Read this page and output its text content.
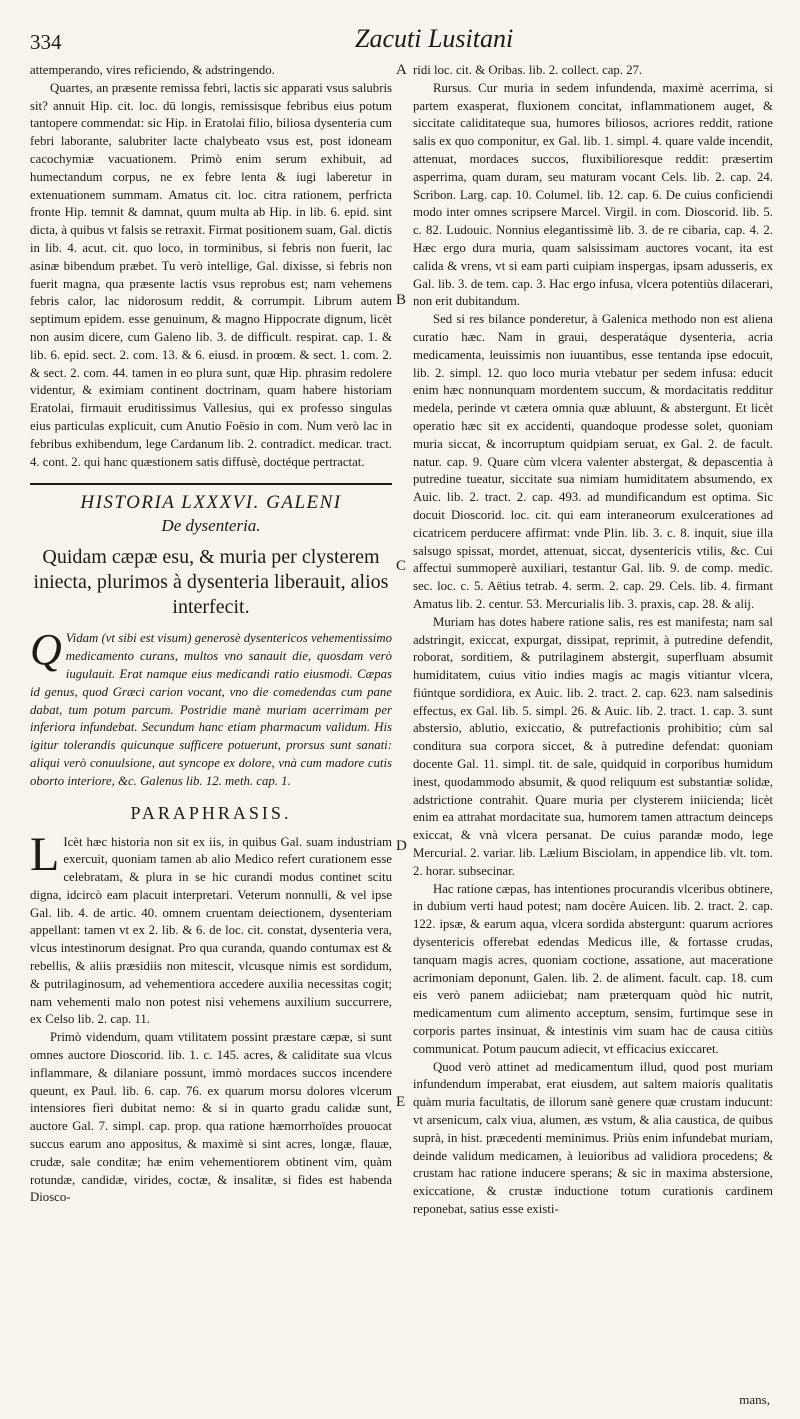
334	Zacuti Lusitani

attemperando, vires reficiendo, & adstringendo.

Quartes, an præsente remissa febri, lactis sic apparati vsus salubris sit? annuit Hip. cit. loc. dū longis, remissisque febribus eius potum tantopere commendat: sic Hip. in Eratolai filio, biliosa dysenteria cum febri laborante, salubriter lacte chalybeato vsus est, post idoneam cacochymiæ vacuationem. Primò enim serum exhibuit, ad humectandum corpus, ne ex febre lenta & iugi laberetur in extenuationem summam. Amatus cit. loc. citra rationem, perfricta fronte Hip. temnit & damnat, quum multa ab Hip. in lib. 6. epid. sint dicta, à quibus vt falsis se retraxit. Firmat positionem suam, Gal. dictis in lib. 4. acut. cit. quo loco, in torminibus, si febris non fuerit, lac asinæ bibendum præbet. Tu verò intellige, Gal. dixisse, si febris non fuerit magna, qua præsente lactis vsus reprobus est; nam vehemens febris calor, lac nidorosum reddit, & corrumpit. Librum autem septimum epidem. esse genuinum, & magno Hippocrate dignum, licèt non ausim dicere, cum Galeno lib. 3. de difficult. respirat. cap. 1. & lib. 6. epid. sect. 2. com. 13. & 6. eiusd. in proœm. & sect. 1. com. 2. & sect. 2. com. 44. tamen in eo plura sunt, quæ Hip. phrasim redolere videntur, & eximiam continent doctrinam, quam habere historiam Eratolai, firmauit eruditissimus Vallesius, qui ex professo singulas eius particulas explicuit, cum Anutio Foësio in com. Num verò lac in febribus exhibendum, lege Cardanum lib. 2. contradict. medicar. tract. 4. cont. 2. qui hanc quæstionem satis diffusè, doctéque pertractat.

HISTORIA LXXXVI. GALENI
De dysenteria.
Quidam cæpæ esu, & muria per clysterem iniecta, plurimos à dysenteria liberauit, alios interfecit.

Q Vidam (vt sibi est visum) generosè dysentericos vehementissimo medicamento curans, multos vno sanauit die, quosdam verò iugulauit. Erat namque eius medicandi ratio eiusmodi. Cæpas id genus, quod Græci carion vocant, vno die comedendas cum pane dabat, tum potum parcum. Postridie manè muriam acerrimam per inferiora infundebat. Secundum hanc etiam pharmacum validum. His igitur tolerandis quicunque sufficere potuerunt, prorsus sunt sanati: aliqui verò conuulsione, aut syncope ex dolore, vnà cum madore cutis oborto interiore, &c. Galenus lib. 12. meth. cap. 1.

PARAPHRASIS.

L Icèt hæc historia non sit ex iis, in quibus Gal. suam industriam exercuit, quoniam tamen ab alio Medico refert curationem esse celebratam, & plura in se hic curandi modus continet scitu digna, idcircò eam placuit interpretari. Veterum nonnulli, & vel ipse Gal. lib. 4. de artic. 40. omnem cruentam deiectionem, dysenteriam appellant: tamen vt ex 2. lib. & 6. de loc. cit. constat, dysenteria vera, vlcus intestinorum designat. Pro qua curanda, quando contumax est & rebellis, & aliis præsidiis non mitescit, vlcusque nimis est sordidum, & putrilaginosum, ad vehementiora accedere auxilia necessitas cogit; nam vehementi malo non potest nisi vehemens auxilium succurrere, ex Celso lib. 2. cap. 11.

Primò videndum, quam vtilitatem possint præstare cæpæ, si sunt omnes auctore Dioscorid. lib. 1. c. 145. acres, & caliditate sua vlcus inflammare, & dilaniare possunt, immò mordaces succos incendere queunt, ex Paul. lib. 6. cap. 76. ex quarum morsu dolores vlcerum intensiores fieri dubitat nemo: & si in quarto gradu calidæ sunt, auctore Gal. 7. simpl. cap. prop. qua ratione hæmorrhoïdes prouocat succus earum ano appositus, & maximè si sint acres, longæ, flauæ, crudæ, sale conditæ; hæ enim vehementiorem obtinent vim, quàm rotundæ, candidæ, virides, coctæ, & insalitæ, si fides est habenda Diosco-

A
B
C
D
E

ridi loc. cit. & Oribas. lib. 2. collect. cap. 27.

Rursus. Cur muria in sedem infundenda, maximè acerrima, si partem exasperat, fluxionem concitat, inflammationem auget, & siccitate caliditateque sua, humores biliosos, acriores reddit, ratione salis ex quo componitur, ex Gal. lib. 1. simpl. 4. quare valde incendit, attenuat, mordaces succos, fluxibilioresque reddit: præsertim asperrima, quam duram, seu maturam vocant Cels. lib. 2. cap. 24. Scribon. Larg. cap. 10. Columel. lib. 12. cap. 6. De cuius conficiendi modo inter omnes scripsere Marcel. Virgil. in com. Dioscorid. lib. 5. c. 82. Ludouic. Nonnius elegantissimè lib. 3. de re cibaria, cap. 4. 2. Hæc ergo dura muria, quam salsissimam auctores vocant, ita est calida & vrens, vt si eam parti cuipiam inspergas, ipsam adusseris, ex Gal. lib. 3. de tem. cap. 3. Hac ergo infusa, vlcera potentiùs dilacerari, non erit dubitandum.

Sed si res bilance ponderetur, à Galenica methodo non est aliena curatio hæc. Nam in graui, desperatáque dysenteria, acria medicamenta, leuissimis non iuuantibus, esse tentanda ipse edocuit, lib. 2. simpl. 12. quo loco muria vtebatur per sedem infusa: educit enim hæc nonnunquam mordentem succum, & mordacitatis redditur medela, perinde vt cætera omnia quæ abluunt, & abstergunt. Et licèt operatio hæc sit ex accidenti, quandoque prodesse solet, quoniam muria siccat, & incorruptum quidpiam seruat, ex Gal. 2. de facult. natur. cap. 9. Quare cùm vlcera valenter abstergat, & depascentia à putredine tueatur, siccitate sua nimiam humiditatem absumendo, ex Auic. lib. 2. tract. 2. cap. 493. ad mundificandum est optima. Sic docuit Dioscorid. loc. cit. qui eam interaneorum exulcerationes ad cicatricem perducere affirmat: vnde Plin. lib. 3. c. 8. inquit, siue illa salsugo spissat, mordet, attenuat, siccat, dysentericis vtilis, &c. Cui affectui summoperè auxiliari, testantur Gal. lib. 9. de comp. medic. sec. loc. c. 5. Aëtius tetrab. 4. serm. 2. cap. 29. Cels. lib. 4. firmant Amatus lib. 2. centur. 53. Mercurialis lib. 3. praxis, cap. 28. & alij.

Muriam has dotes habere ratione salis, res est manifesta; nam sal adstringit, exiccat, expurgat, dissipat, reprimit, à putredine defendit, roborat, sorditiem, & putrilaginem abstergit, superfluam absumit humiditatem, cuius vitio indies magis ac magis vitiantur vlcera, fiúntque sordidiora, ex Auic. lib. 2. tract. 2. cap. 623. nam salsedinis effectus, ex Gal. lib. 5. simpl. 26. & Auic. lib. 2. tract. 1. cap. 3. sunt abstersio, ablutio, exiccatio, & putrefactionis prohibitio; cùm sal conditura sua corpora siccet, & à putredine defendat: quoniam docente Gal. 11. simpl. tit. de sale, quidquid in corporibus humidum inest, quodammodo absumit, & quod reliquum est substantiæ solidæ, adstrictione contrahit. Quare muria per clysterem iniicienda; licèt enim ea attrahat mordacitate sua, humorem tamen attractum deinceps exiccat, & vnà vlcera persanat. De cuius parandæ modo, lege Mercurial. 2. variar. lib. Lælium Bisciolam, in appendice lib. vlt. tom. 2. horar. subsecinar.

Hac ratione cæpas, has intentiones procurandis vlceribus obtinere, in dubium verti haud potest; nam docère Auicen. lib. 2. tract. 2. cap. 122. ipsæ, & earum aqua, vlcera sordida abstergunt: quarum acriores dysentericis offerebat edendas Medicus ille, & fortasse crudas, tanquam magis acres, quoniam coctione, assatione, aut maceratione acrimoniam deponunt, Galen. lib. 2. de aliment. facult. cap. 18. cum eis verò panem adiiciebat; nam præterquam quòd hic nutrit, medicamentum cum alimento acceptum, sensim, furtimque sese in corporis partes insinuat, & intestinis vim suam hac de causa citiùs communicat. Potum paucum adiecit, vt efficacius exiccaret.

Quod verò attinet ad medicamentum illud, quod post muriam infundendum imperabat, erat eiusdem, aut saltem maioris qualitatis quàm muria facultatis, de illorum sanè genere quæ crustam inducunt: vt arsenicum, calx viua, alumen, æs vstum, & alia caustica, de quibus suprà, in hist. præcedenti meminimus. Priùs enim infundebat muriam, deinde validum medicamen, à leuioribus ad validiora procedens; & crustam hac ratione inducere sperans; & sic in maxima abstersione, exiccatione, & crustæ inductione totum curationis cardinem reponebat, satius esse existi-

mans,
